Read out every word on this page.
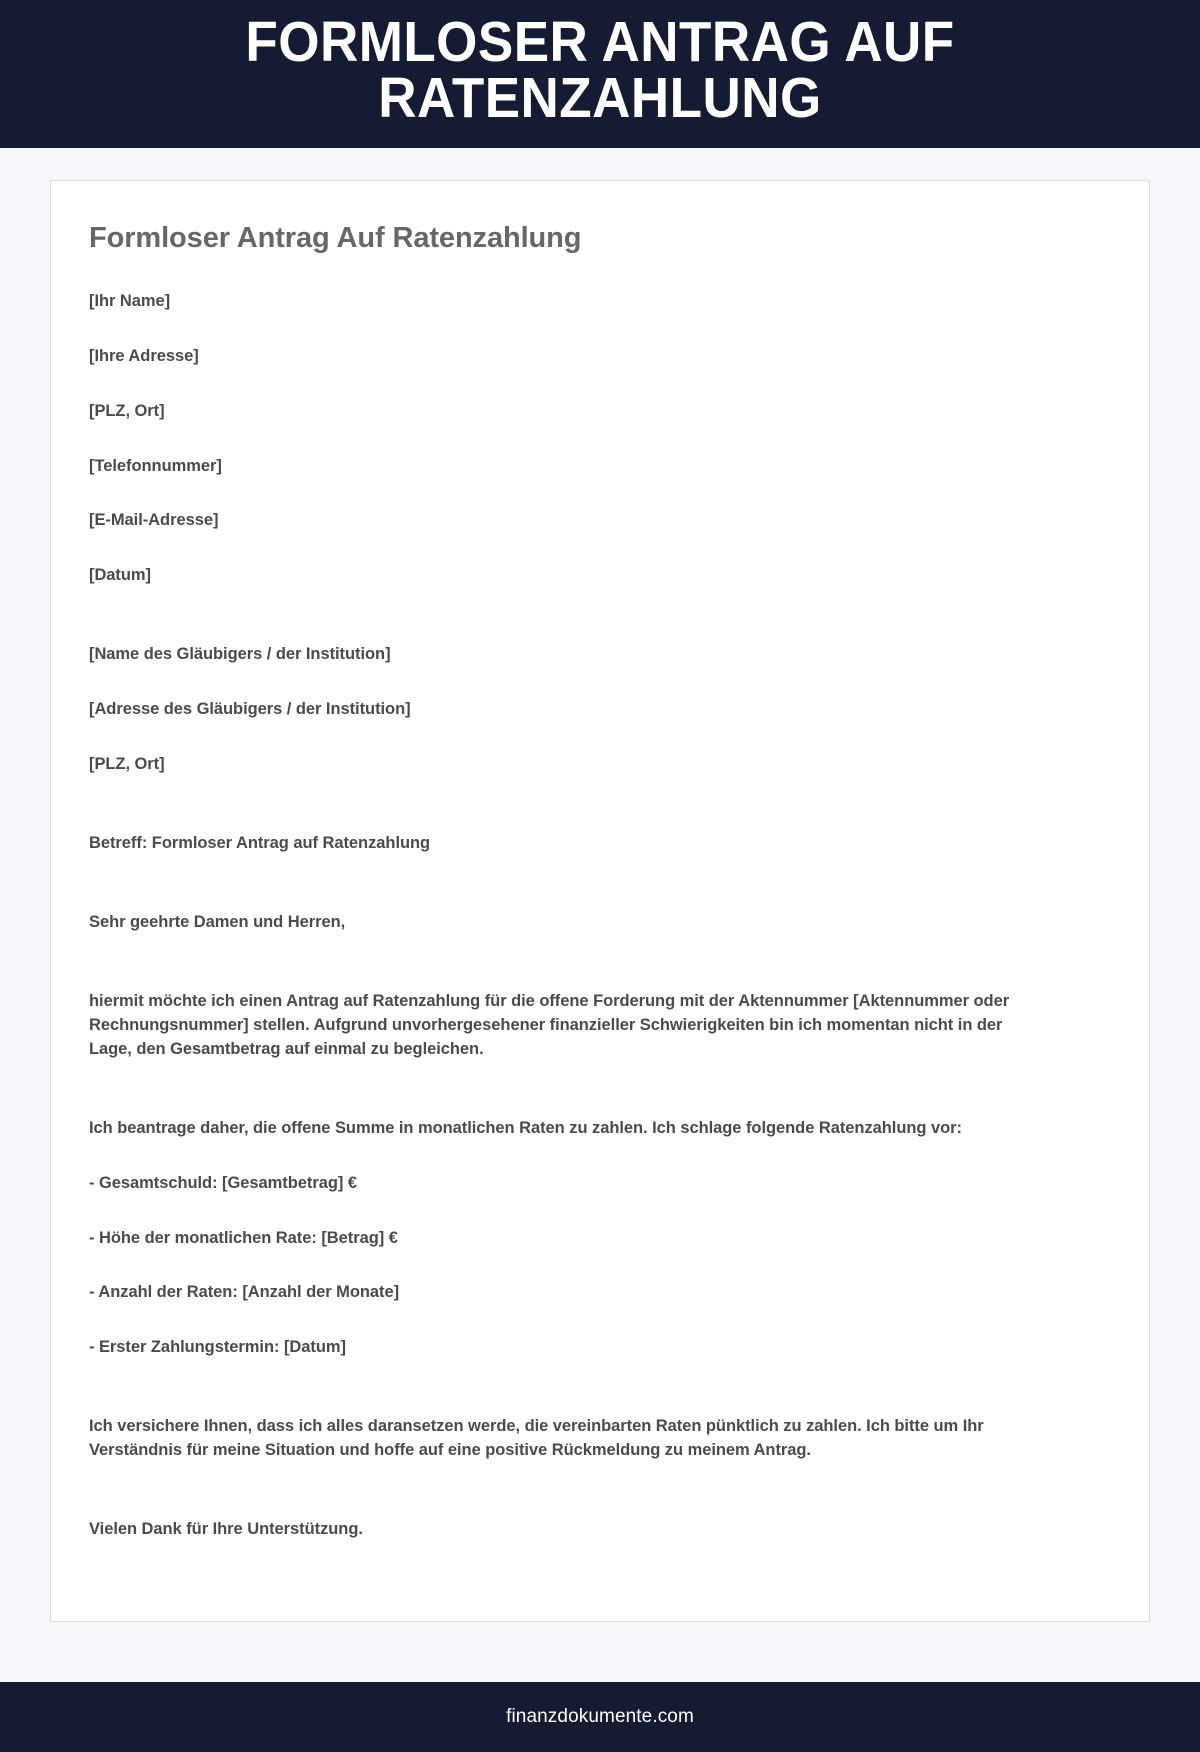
FORMLOSER ANTRAG AUF RATENZAHLUNG
Formloser Antrag Auf Ratenzahlung

[Ihr Name]

[Ihre Adresse]

[PLZ, Ort]

[Telefonnummer]

[E-Mail-Adresse]

[Datum]

[Name des Gläubigers / der Institution]

[Adresse des Gläubigers / der Institution]

[PLZ, Ort]

Betreff: Formloser Antrag auf Ratenzahlung

Sehr geehrte Damen und Herren,

hiermit möchte ich einen Antrag auf Ratenzahlung für die offene Forderung mit der Aktennummer [Aktennummer oder Rechnungsnummer] stellen. Aufgrund unvorhergesehener finanzieller Schwierigkeiten bin ich momentan nicht in der Lage, den Gesamtbetrag auf einmal zu begleichen.

Ich beantrage daher, die offene Summe in monatlichen Raten zu zahlen. Ich schlage folgende Ratenzahlung vor:

- Gesamtschuld: [Gesamtbetrag] €

- Höhe der monatlichen Rate: [Betrag] €

- Anzahl der Raten: [Anzahl der Monate]

- Erster Zahlungstermin: [Datum]

Ich versichere Ihnen, dass ich alles daransetzen werde, die vereinbarten Raten pünktlich zu zahlen. Ich bitte um Ihr Verständnis für meine Situation und hoffe auf eine positive Rückmeldung zu meinem Antrag.

Vielen Dank für Ihre Unterstützung.

finanzdokumente.com
